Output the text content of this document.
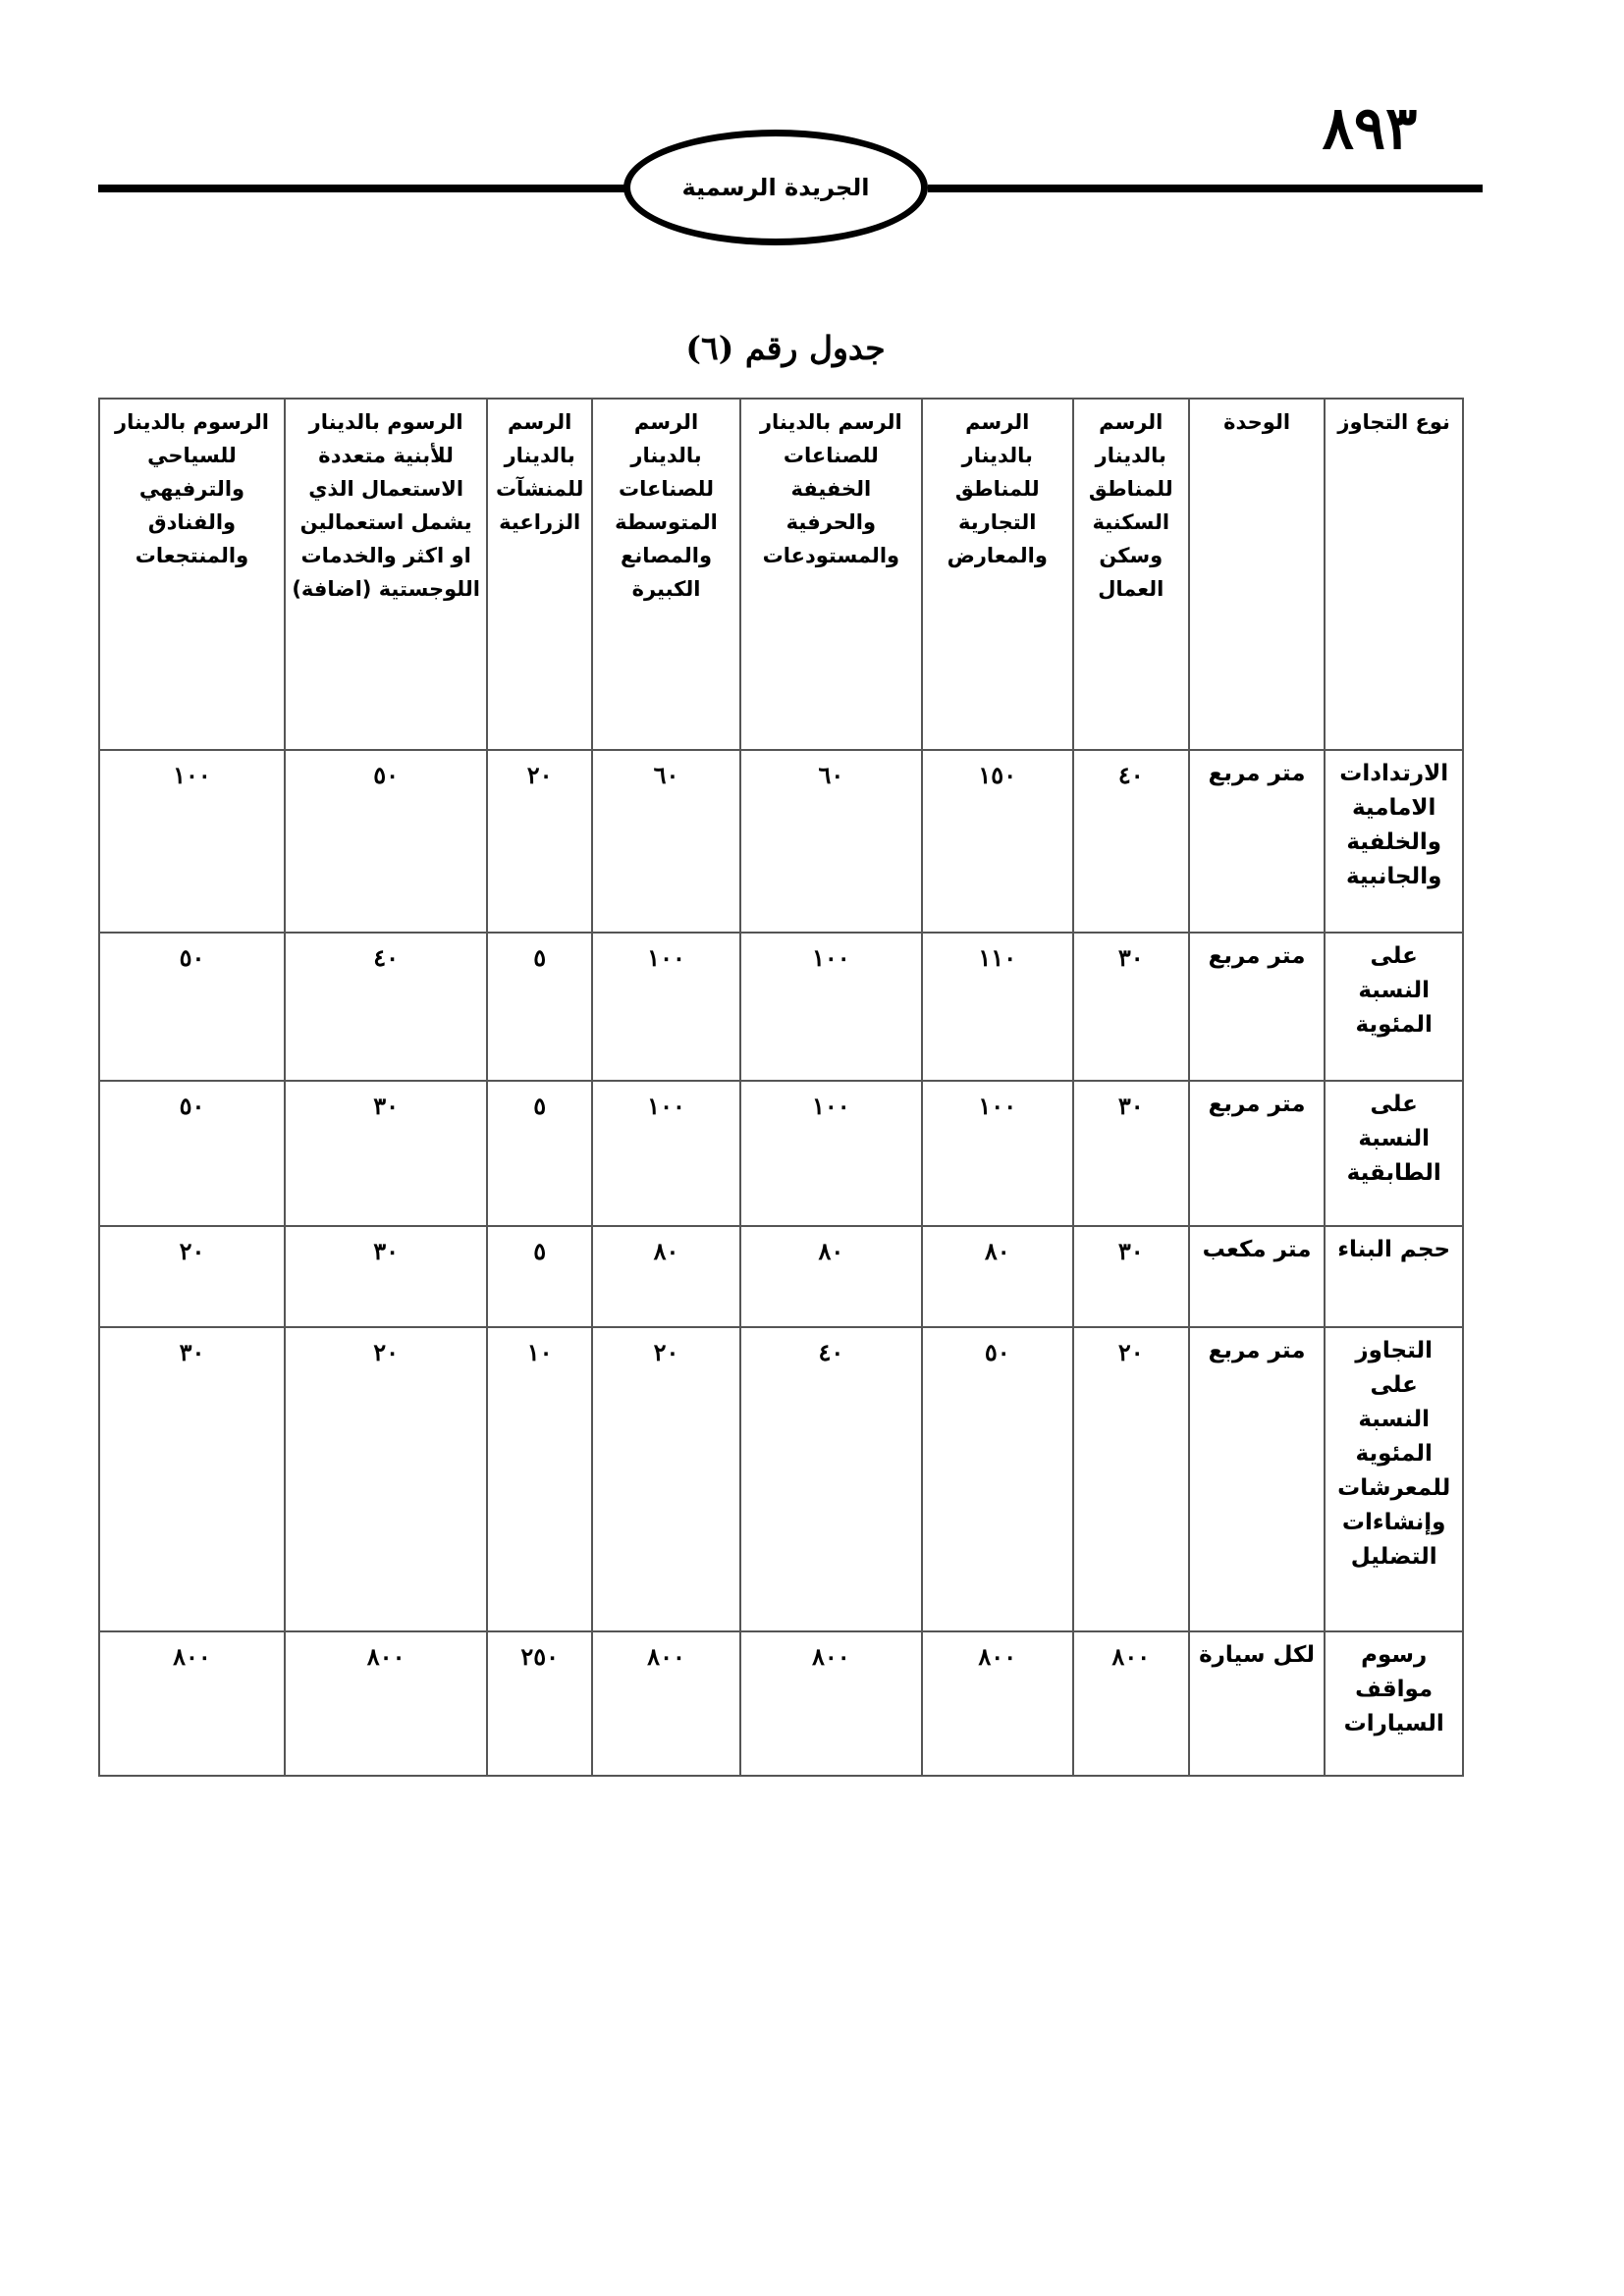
٨٩٣
الجريدة الرسمية
جدول رقم (٦)
نوع التجاوز	الوحدة	الرسم بالدينار للمناطق السكنية وسكن العمال	الرسم بالدينار للمناطق التجارية والمعارض	الرسم بالدينار للصناعات الخفيفة والحرفية والمستودعات	الرسم بالدينار للصناعات المتوسطة والمصانع الكبيرة	الرسم بالدينار للمنشآت الزراعية	الرسوم بالدينار للأبنية متعددة الاستعمال الذي يشمل استعمالين او اكثر والخدمات اللوجستية (اضافة)	الرسوم بالدينار للسياحي والترفيهي والفنادق والمنتجعات
الارتدادات الامامية والخلفية والجانبية	متر مربع	٤٠	١٥٠	٦٠	٦٠	٢٠	٥٠	١٠٠
على النسبة المئوية	متر مربع	٣٠	١١٠	١٠٠	١٠٠	٥	٤٠	٥٠
على النسبة الطابقية	متر مربع	٣٠	١٠٠	١٠٠	١٠٠	٥	٣٠	٥٠
حجم البناء	متر مكعب	٣٠	٨٠	٨٠	٨٠	٥	٣٠	٢٠
التجاوز على النسبة المئوية للمعرشات وإنشاءات التضليل	متر مربع	٢٠	٥٠	٤٠	٢٠	١٠	٢٠	٣٠
رسوم مواقف السيارات	لكل سيارة	٨٠٠	٨٠٠	٨٠٠	٨٠٠	٢٥٠	٨٠٠	٨٠٠
